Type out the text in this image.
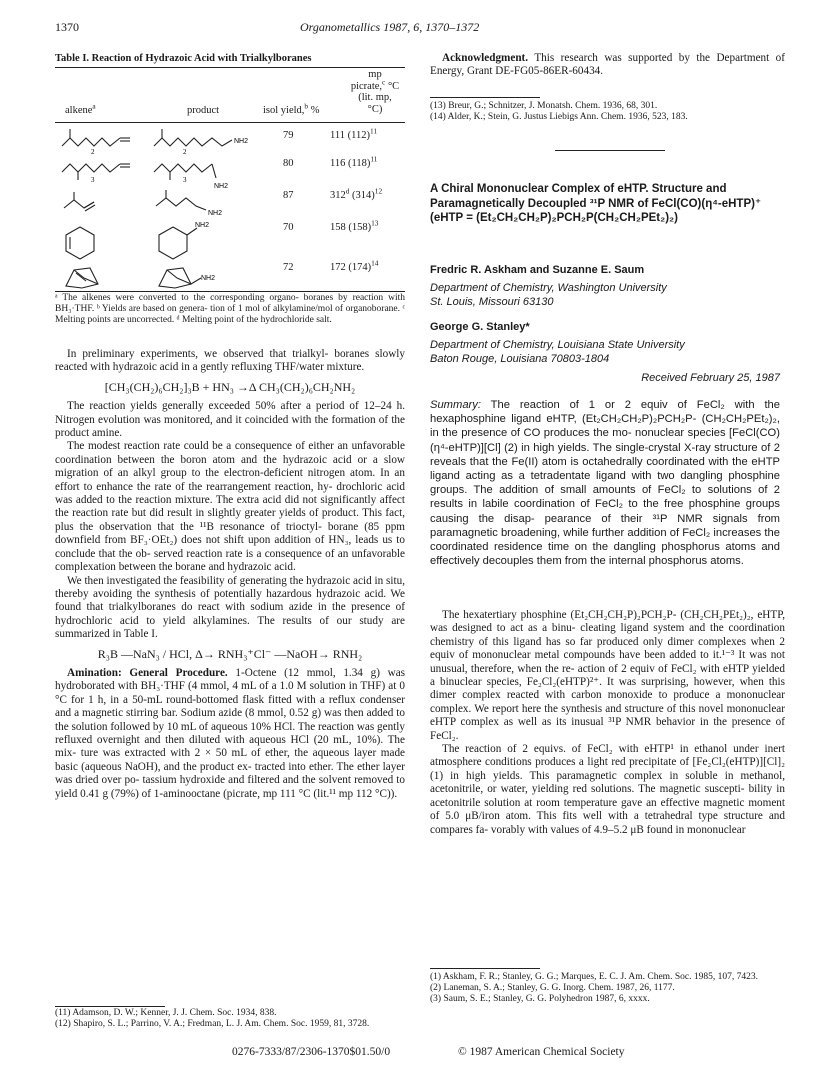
1370	Organometallics 1987, 6, 1370–1372
Table I. Reaction of Hydrazoic Acid with Trialkylboranes
mp
picrate,$^c$ °C
(lit. mp,
°C)
alkene$^a$	product	isol yield,$^b$ %
2
NH2
2
79	111 $(112)^{11}$
3
NH2
3
80	116 $(118)^{11}$
NH2
87	312$^d$ $(314)^{12}$
NH2	70	158 $(158)^{13}$
NH2
72	172 $(174)^{14}$
ᵃ The alkenes were converted to the corresponding organo- boranes by reaction with BH₃·THF. ᵇ Yields are based on genera- tion of 1 mol of alkylamine/mol of organoborane. ᶜ Melting points are uncorrected. ᵈ Melting point of the hydrochloride salt.

In preliminary experiments, we observed that trialkyl- boranes slowly reacted with hydrazoic acid in a gently refluxing THF/water mixture.

[CH₃(CH₂)₆CH₂]₃B + HN₃ →Δ CH₃(CH₂)₆CH₂NH₂

The reaction yields generally exceeded 50% after a period of 12–24 h. Nitrogen evolution was monitored, and it coincided with the formation of the product amine.

The modest reaction rate could be a consequence of either an unfavorable coordination between the boron atom and the hydrazoic acid or a slow migration of an alkyl group to the electron-deficient nitrogen atom. In an effort to enhance the rate of the rearrangement reaction, hy- drochloric acid was added to the reaction mixture. The extra acid did not significantly affect the reaction rate but did result in slightly greater yields of product. This fact, plus the observation that the ¹¹B resonance of trioctyl- borane (85 ppm downfield from BF₃·OEt₂) does not shift upon addition of HN₃, leads us to conclude that the ob- served reaction rate is a consequence of an unfavorable complexation between the borane and hydrazoic acid.

We then investigated the feasibility of generating the hydrazoic acid in situ, thereby avoiding the synthesis of potentially hazardous hydrazoic acid. We found that trialkylboranes do react with sodium azide in the presence of hydrochloric acid to yield alkylamines. The results of our study are summarized in Table I.

R₃B —NaN₃ / HCl, Δ→ RNH₃⁺Cl⁻ —NaOH→ RNH₂

Amination: General Procedure. 1-Octene (12 mmol, 1.34 g) was hydroborated with BH₃·THF (4 mmol, 4 mL of a 1.0 M solution in THF) at 0 °C for 1 h, in a 50-mL round-bottomed flask fitted with a reflux condenser and a magnetic stirring bar. Sodium azide (8 mmol, 0.52 g) was then added to the solution followed by 10 mL of aqueous 10% HCl. The reaction was gently refluxed overnight and then diluted with aqueous HCl (20 mL, 10%). The mix- ture was extracted with 2 × 50 mL of ether, the aqueous layer made basic (aqueous NaOH), and the product ex- tracted into ether. The ether layer was dried over po- tassium hydroxide and filtered and the solvent removed to yield 0.41 g (79%) of 1-aminooctane (picrate, mp 111 °C (lit.¹¹ mp 112 °C)).

(11) Adamson, D. W.; Kenner, J. J. Chem. Soc. 1934, 838.
(12) Shapiro, S. L.; Parrino, V. A.; Fredman, L. J. Am. Chem. Soc. 1959, 81, 3728.

Acknowledgment. This research was supported by the Department of Energy, Grant DE-FG05-86ER-60434.

(13) Breur, G.; Schnitzer, J. Monatsh. Chem. 1936, 68, 301.
(14) Alder, K.; Stein, G. Justus Liebigs Ann. Chem. 1936, 523, 183.
A Chiral Mononuclear Complex of eHTP. Structure and Paramagnetically Decoupled ³¹P NMR of FeCl(CO)(η⁴-eHTP)⁺ (eHTP = (Et₂CH₂CH₂P)₂PCH₂P(CH₂CH₂PEt₂)₂)
Fredric R. Askham and Suzanne E. Saum
Department of Chemistry, Washington University
St. Louis, Missouri 63130
George G. Stanley*
Department of Chemistry, Louisiana State University
Baton Rouge, Louisiana 70803-1804
Received February 25, 1987
Summary: The reaction of 1 or 2 equiv of FeCl₂ with the hexaphosphine ligand eHTP, (Et₂CH₂CH₂P)₂PCH₂P- (CH₂CH₂PEt₂)₂, in the presence of CO produces the mo- nonuclear species [FeCl(CO)(η⁴-eHTP)][Cl] (2) in high yields. The single-crystal X-ray structure of 2 reveals that the Fe(II) atom is octahedrally coordinated with the eHTP ligand acting as a tetradentate ligand with two dangling phosphine groups. The addition of small amounts of FeCl₂ to solutions of 2 results in labile coordination of FeCl₂ to the free phosphine groups causing the disap- pearance of their ³¹P NMR signals from paramagnetic broadening, while further addition of FeCl₂ increases the coordinated residence time on the dangling phosphorus atoms and effectively decouples them from the internal phosphorus atoms.

The hexatertiary phosphine (Et₂CH₂CH₂P)₂PCH₂P- (CH₂CH₂PEt₂)₂, eHTP, was designed to act as a binu- cleating ligand system and the coordination chemistry of this ligand has so far produced only dimer complexes when 2 equiv of mononuclear metal compounds have been added to it.¹⁻³ It was not unusual, therefore, when the re- action of 2 equiv of FeCl₂ with eHTP yielded a binuclear species, Fe₂Cl₂(eHTP)²⁺. It was surprising, however, when this dimer complex reacted with carbon monoxide to produce a mononuclear complex. We report here the synthesis and structure of this novel mononuclear eHTP complex as well as its inusual ³¹P NMR behavior in the presence of FeCl₂.

The reaction of 2 equivs. of FeCl₂ with eHTP¹ in ethanol under inert atmosphere conditions produces a light red precipitate of [Fe₂Cl₂(eHTP)][Cl]₂ (1) in high yields. This paramagnetic complex in soluble in methanol, acetonitrile, or water, yielding red solutions. The magnetic suscepti- bility in acetonitrile solution at room temperature gave an effective magnetic moment of 5.0 μB/iron atom. This fits well with a tetrahedral type structure and compares fa- vorably with values of 4.9–5.2 μB found in mononuclear

(1) Askham, F. R.; Stanley, G. G.; Marques, E. C. J. Am. Chem. Soc. 1985, 107, 7423.
(2) Laneman, S. A.; Stanley, G. G. Inorg. Chem. 1987, 26, 1177.
(3) Saum, S. E.; Stanley, G. G. Polyhedron 1987, 6, xxxx.
0276-7333/87/2306-1370$01.50/0	© 1987 American Chemical Society
